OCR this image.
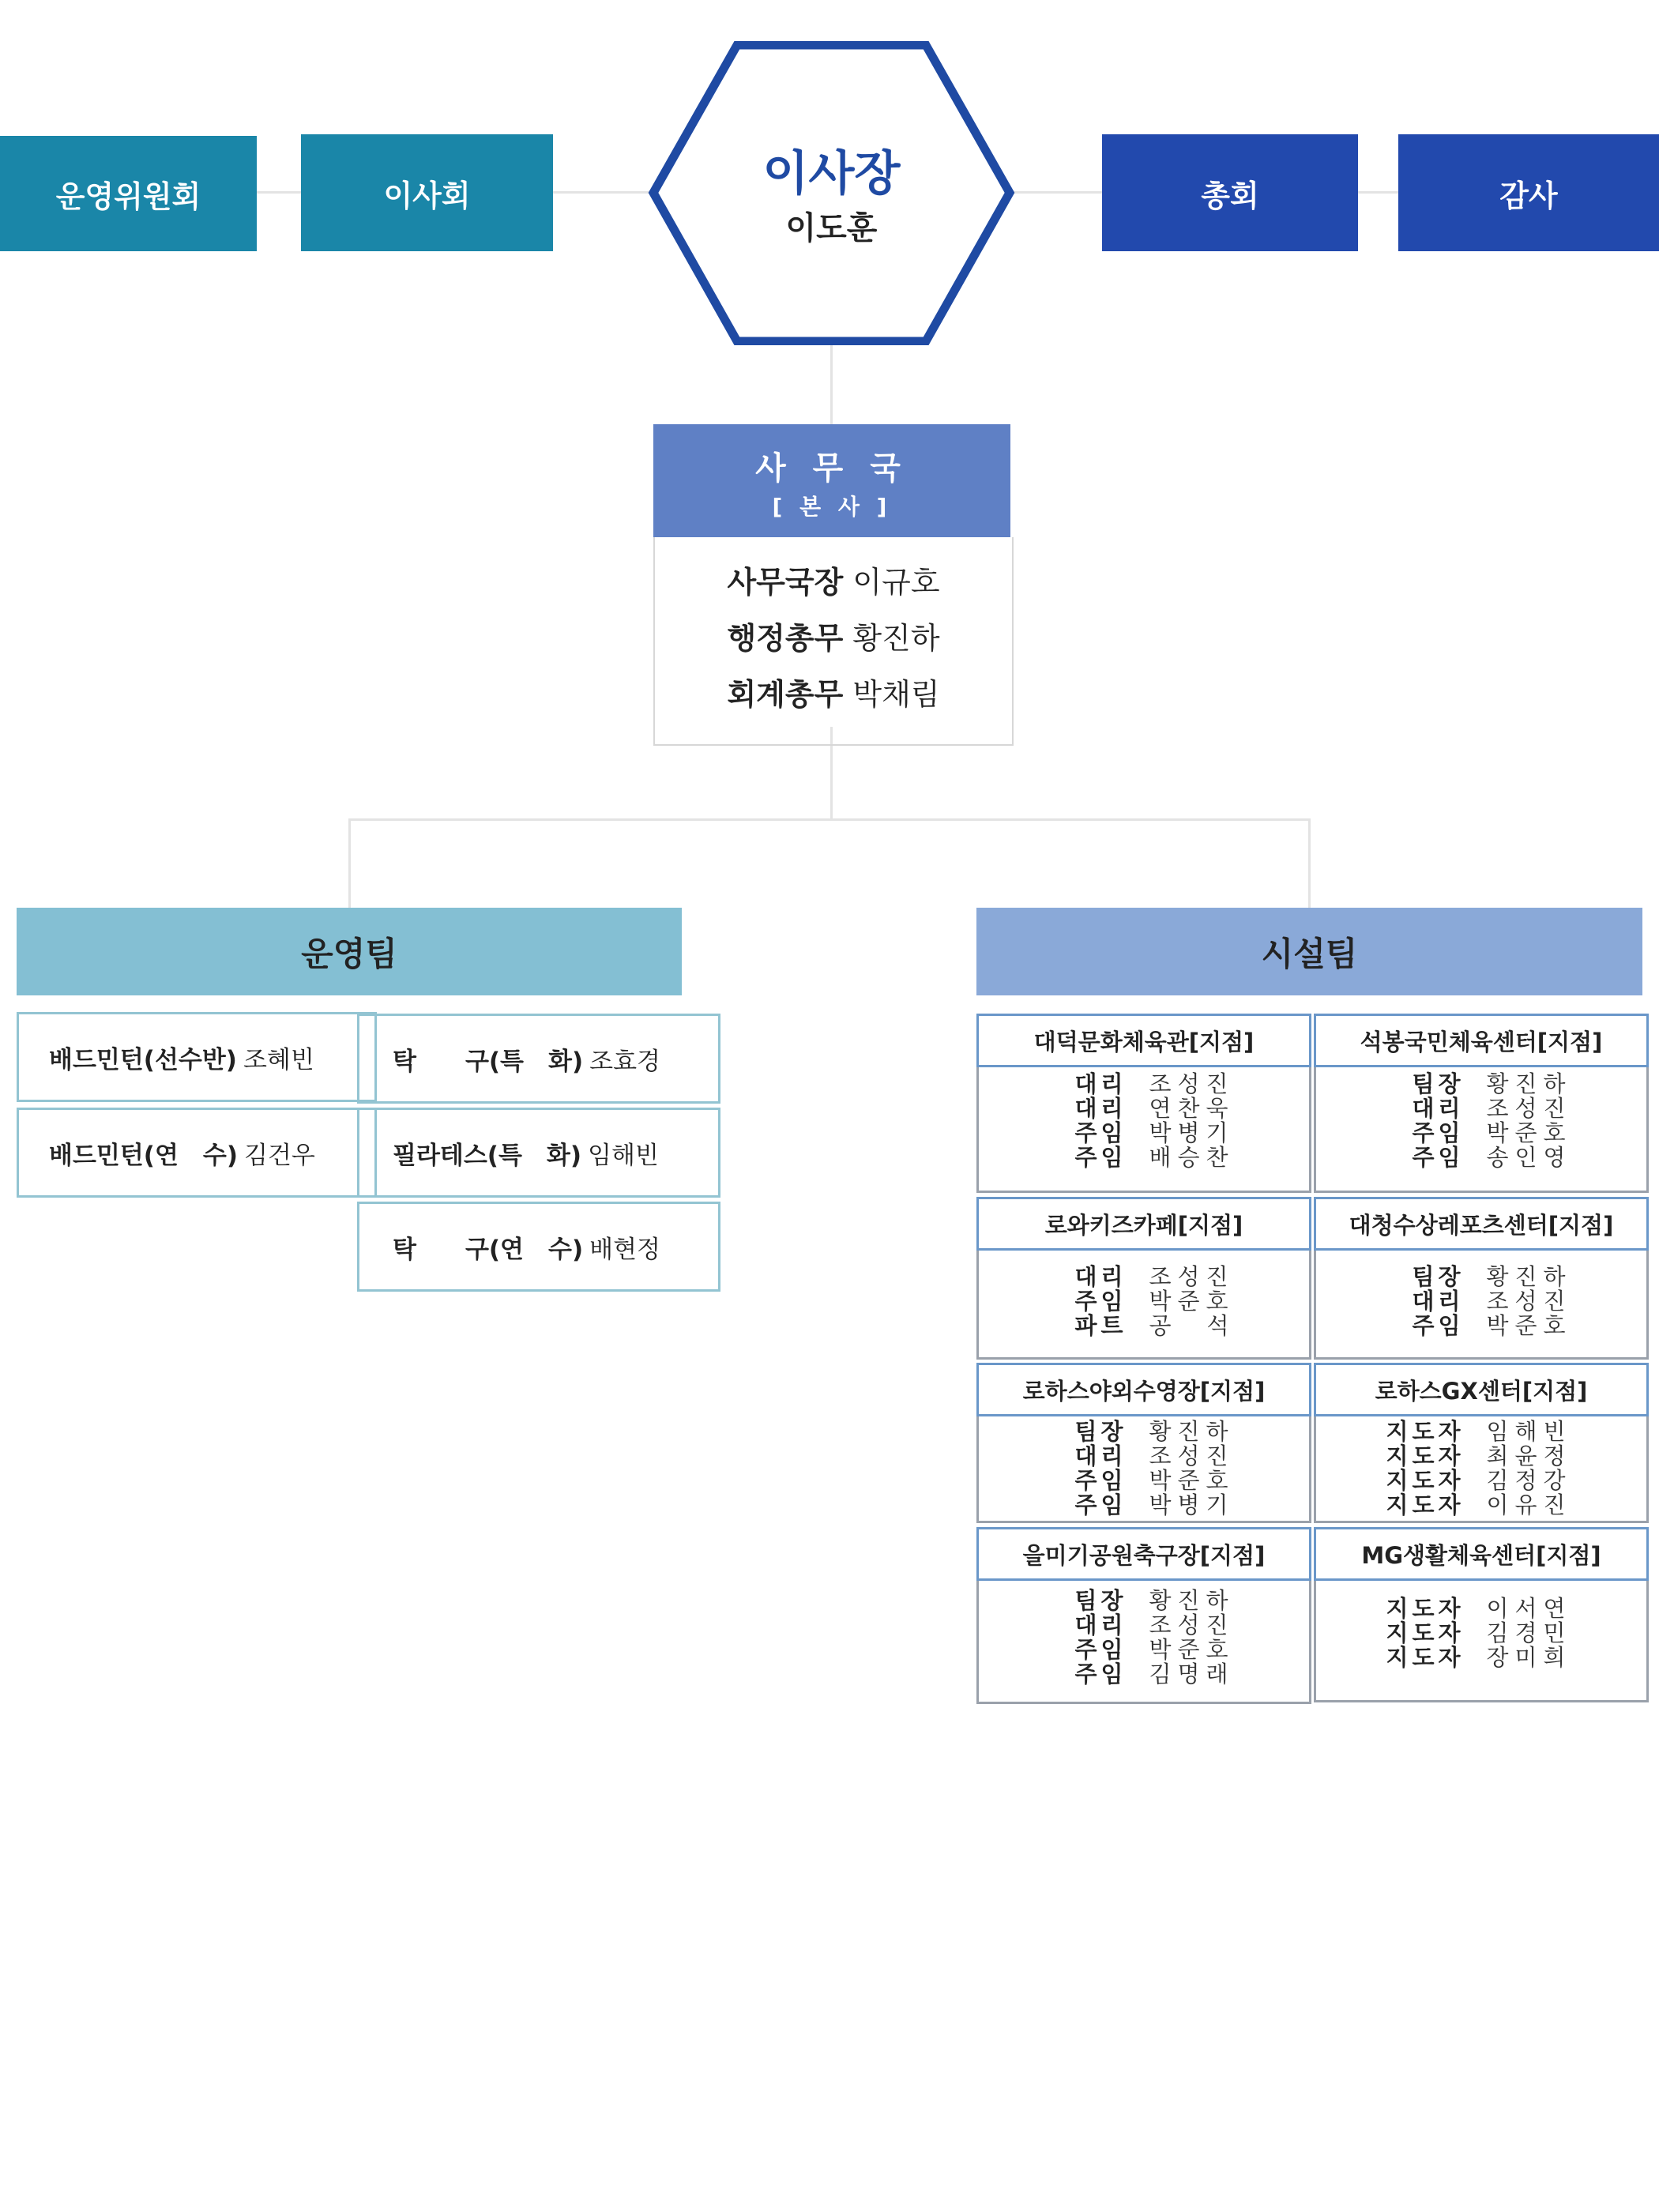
운영위원회	이사회	총회	감사
이사장
이도훈
사 무 국
[ 본 사 ]
사무국장 이규호
행정총무 황진하
회계총무 박채림
운영팀
배드민턴(선수반) 조혜빈
배드민턴(연　수) 김건우
탁　　구(특　화) 조효경
필라테스(특　화) 임해빈
탁　　구(연　수) 배현정
시설팀
대덕문화체육관[지점]
대리 조성진
대리 연찬욱
주임 박병기
주임 배승찬
석봉국민체육센터[지점]
팀장 황진하
대리 조성진
주임 박준호
주임 송인영
로와키즈카페[지점]
대리 조성진
주임 박준호
파트 공　석
대청수상레포츠센터[지점]
팀장 황진하
대리 조성진
주임 박준호
로하스야외수영장[지점]
팀장 황진하
대리 조성진
주임 박준호
주임 박병기
로하스GX센터[지점]
지도자 임해빈
지도자 최윤정
지도자 김정강
지도자 이유진
을미기공원축구장[지점]
팀장 황진하
대리 조성진
주임 박준호
주임 김명래
MG생활체육센터[지점]
지도자 이서연
지도자 김경민
지도자 장미희
